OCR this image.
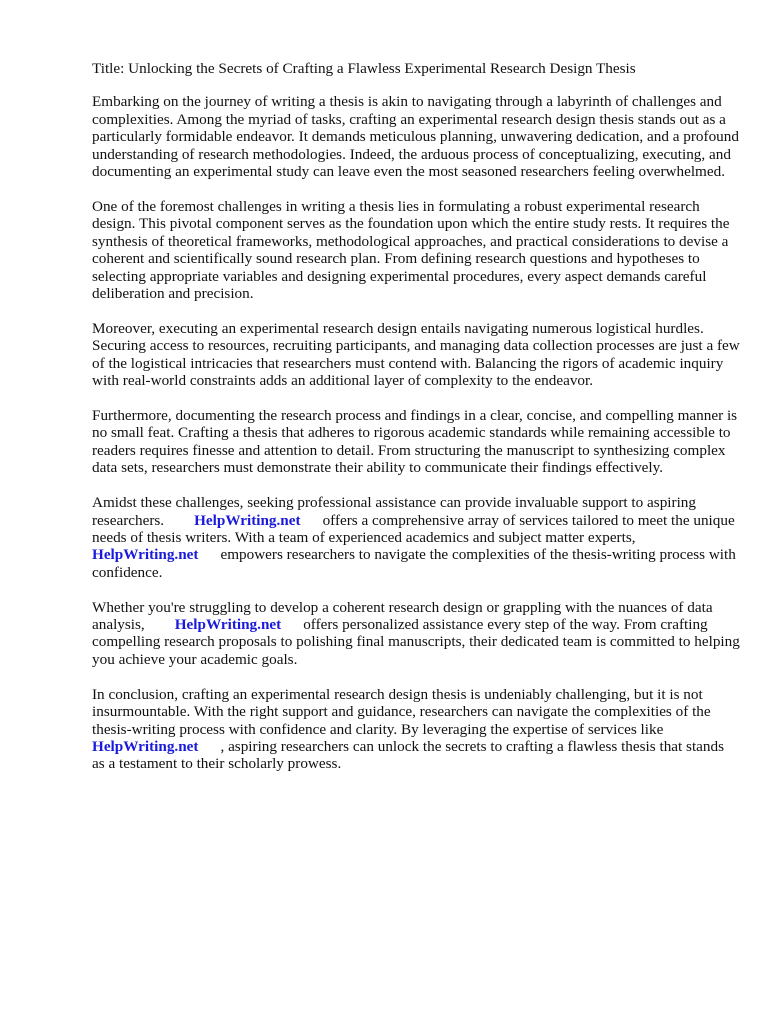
Title: Unlocking the Secrets of Crafting a Flawless Experimental Research Design Thesis

Embarking on the journey of writing a thesis is akin to navigating through a labyrinth of challenges and complexities. Among the myriad of tasks, crafting an experimental research design thesis stands out as a particularly formidable endeavor. It demands meticulous planning, unwavering dedication, and a profound understanding of research methodologies. Indeed, the arduous process of conceptualizing, executing, and documenting an experimental study can leave even the most seasoned researchers feeling overwhelmed.

One of the foremost challenges in writing a thesis lies in formulating a robust experimental research design. This pivotal component serves as the foundation upon which the entire study rests. It requires the synthesis of theoretical frameworks, methodological approaches, and practical considerations to devise a coherent and scientifically sound research plan. From defining research questions and hypotheses to selecting appropriate variables and designing experimental procedures, every aspect demands careful deliberation and precision.

Moreover, executing an experimental research design entails navigating numerous logistical hurdles. Securing access to resources, recruiting participants, and managing data collection processes are just a few of the logistical intricacies that researchers must contend with. Balancing the rigors of academic inquiry with real-world constraints adds an additional layer of complexity to the endeavor.

Furthermore, documenting the research process and findings in a clear, concise, and compelling manner is no small feat. Crafting a thesis that adheres to rigorous academic standards while remaining accessible to readers requires finesse and attention to detail. From structuring the manuscript to synthesizing complex data sets, researchers must demonstrate their ability to communicate their findings effectively.

Amidst these challenges, seeking professional assistance can provide invaluable support to aspiring researchers. HelpWriting.net offers a comprehensive array of services tailored to meet the unique needs of thesis writers. With a team of experienced academics and subject matter experts,
HelpWriting.net empowers researchers to navigate the complexities of the thesis-writing process with confidence.

Whether you're struggling to develop a coherent research design or grappling with the nuances of data analysis, HelpWriting.net offers personalized assistance every step of the way. From crafting compelling research proposals to polishing final manuscripts, their dedicated team is committed to helping you achieve your academic goals.

In conclusion, crafting an experimental research design thesis is undeniably challenging, but it is not insurmountable. With the right support and guidance, researchers can navigate the complexities of the thesis-writing process with confidence and clarity. By leveraging the expertise of services like
HelpWriting.net , aspiring researchers can unlock the secrets to crafting a flawless thesis that stands as a testament to their scholarly prowess.
